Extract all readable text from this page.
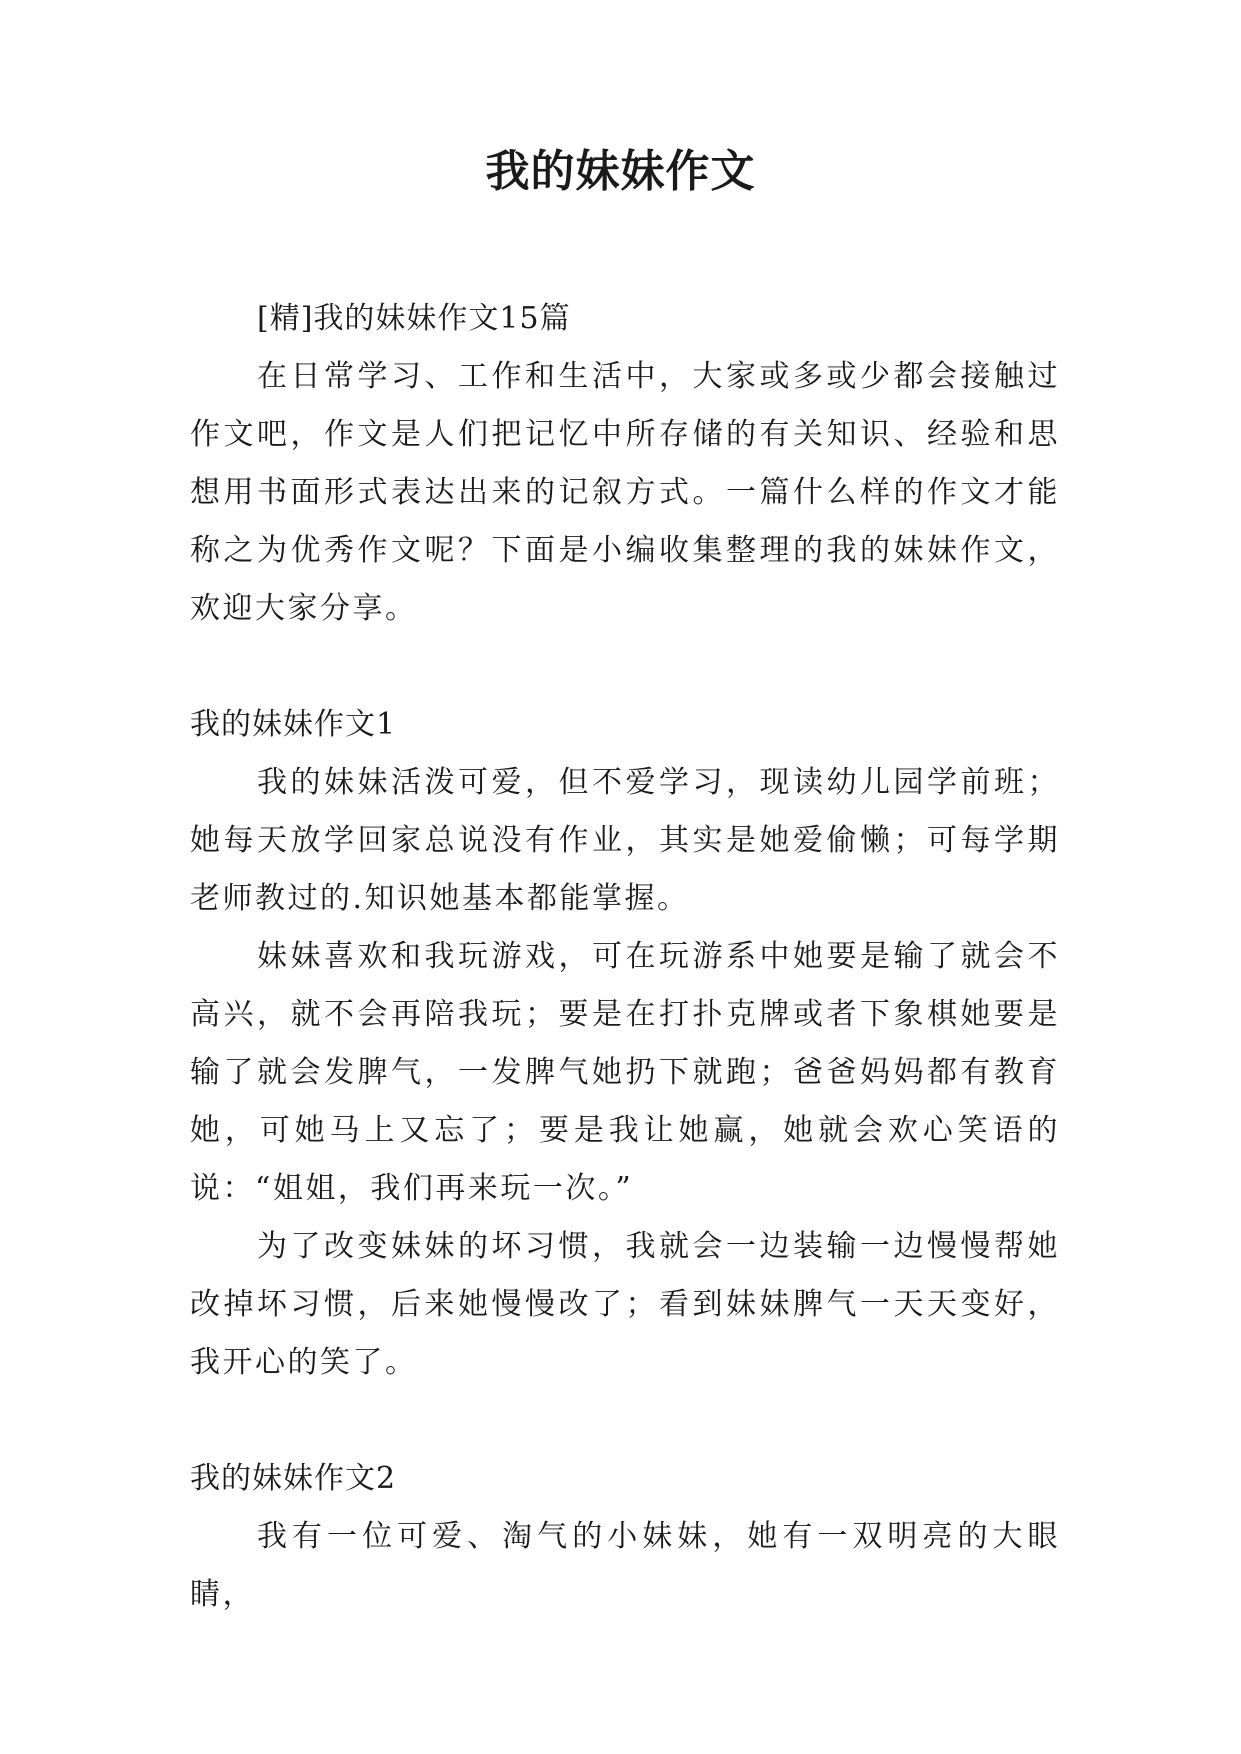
我的妹妹作文

[精]我的妹妹作文15篇

在日常学习、工作和生活中，大家或多或少都会接触过作文吧，作文是人们把记忆中所存储的有关知识、经验和思想用书面形式表达出来的记叙方式。一篇什么样的作文才能称之为优秀作文呢？下面是小编收集整理的我的妹妹作文，欢迎大家分享。

我的妹妹作文1

我的妹妹活泼可爱，但不爱学习，现读幼儿园学前班；她每天放学回家总说没有作业，其实是她爱偷懒；可每学期老师教过的.知识她基本都能掌握。

妹妹喜欢和我玩游戏，可在玩游系中她要是输了就会不高兴，就不会再陪我玩；要是在打扑克牌或者下象棋她要是输了就会发脾气，一发脾气她扔下就跑；爸爸妈妈都有教育她，可她马上又忘了；要是我让她赢，她就会欢心笑语的说：“姐姐，我们再来玩一次。”

为了改变妹妹的坏习惯，我就会一边装输一边慢慢帮她改掉坏习惯，后来她慢慢改了；看到妹妹脾气一天天变好，我开心的笑了。

我的妹妹作文2

我有一位可爱、淘气的小妹妹，她有一双明亮的大眼睛，
